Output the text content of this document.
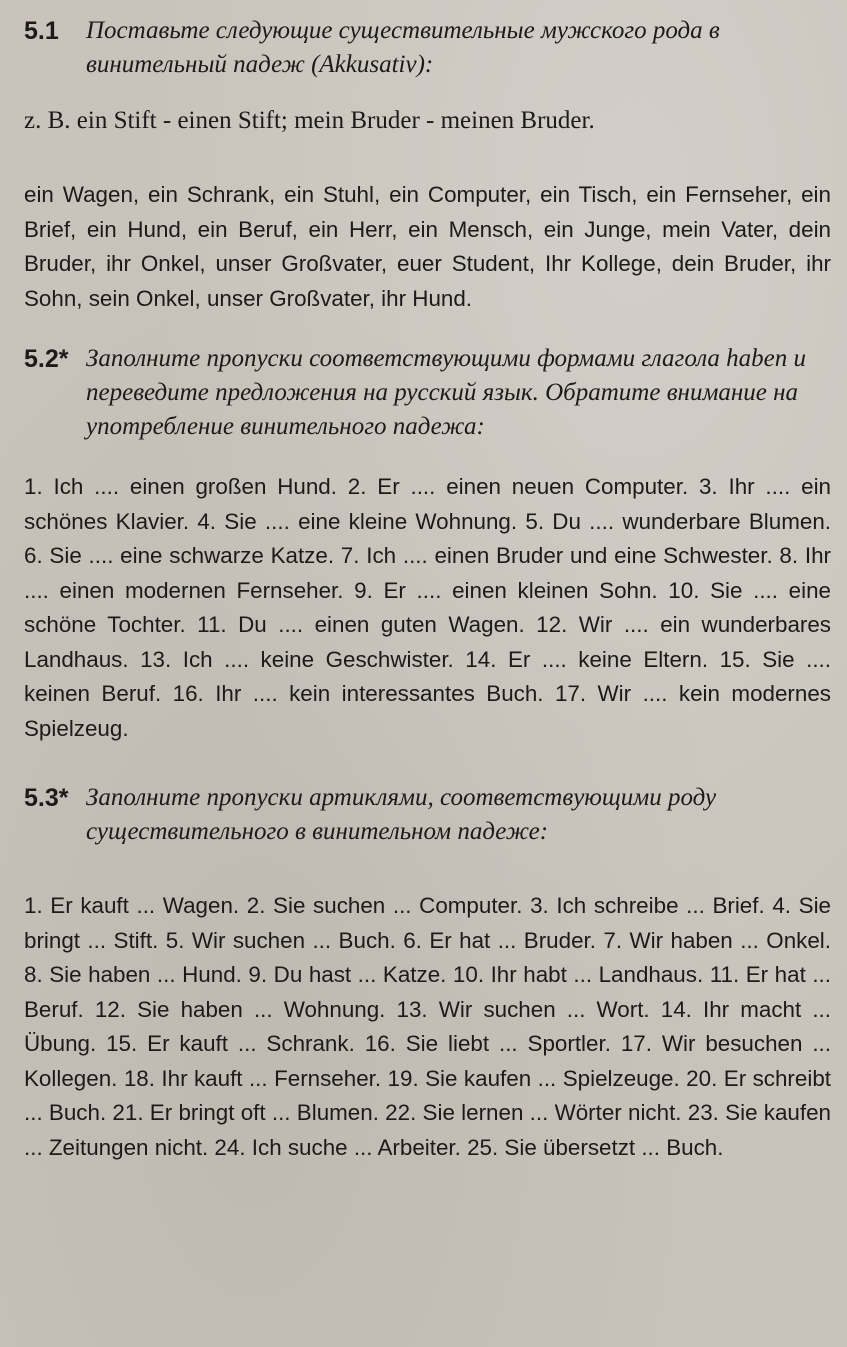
5.1	Поставьте следующие существительные мужского рода в винительный падеж (Akkusativ):
z. B. ein Stift - einen Stift; mein Bruder - meinen Bruder.

ein Wagen, ein Schrank, ein Stuhl, ein Computer, ein Tisch, ein Fernseher, ein Brief, ein Hund, ein Beruf, ein Herr, ein Mensch, ein Junge, mein Vater, dein Bruder, ihr Onkel, unser Großvater, euer Student, Ihr Kollege, dein Bruder, ihr Sohn, sein Onkel, unser Großvater, ihr Hund.

5.2* Заполните пропуски соответствующими формами глагола haben и переведите предложения на русский язык. Обратите внимание на употребление винительного падежа:

1. Ich .... einen großen Hund. 2. Er .... einen neuen Computer. 3. Ihr .... ein schönes Klavier. 4. Sie .... eine kleine Wohnung. 5. Du .... wunderbare Blumen. 6. Sie .... eine schwarze Katze. 7. Ich .... einen Bruder und eine Schwester. 8. Ihr .... einen modernen Fernseher. 9. Er .... einen kleinen Sohn. 10. Sie .... eine schöne Tochter. 11. Du .... einen guten Wagen. 12. Wir .... ein wunderbares Landhaus. 13. Ich .... keine Geschwister. 14. Er .... keine Eltern. 15. Sie .... keinen Beruf. 16. Ihr .... kein interessantes Buch. 17. Wir .... kein modernes Spielzeug.

5.3* Заполните пропуски артиклями, соответствующими роду существительного в винительном падеже:

1. Er kauft ... Wagen. 2. Sie suchen ... Computer. 3. Ich schreibe ... Brief. 4. Sie bringt ... Stift. 5. Wir suchen ... Buch. 6. Er hat ... Bruder. 7. Wir haben ... Onkel. 8. Sie haben ... Hund. 9. Du hast ... Katze. 10. Ihr habt ... Landhaus. 11. Er hat ... Beruf. 12. Sie haben ... Wohnung. 13. Wir suchen ... Wort. 14. Ihr macht ... Übung. 15. Er kauft ... Schrank. 16. Sie liebt ... Sportler. 17. Wir besuchen ... Kollegen. 18. Ihr kauft ... Fernseher. 19. Sie kaufen ... Spielzeuge. 20. Er schreibt ... Buch. 21. Er bringt oft ... Blumen. 22. Sie lernen ... Wörter nicht. 23. Sie kaufen ... Zeitungen nicht. 24. Ich suche ... Arbeiter. 25. Sie übersetzt ... Buch.
